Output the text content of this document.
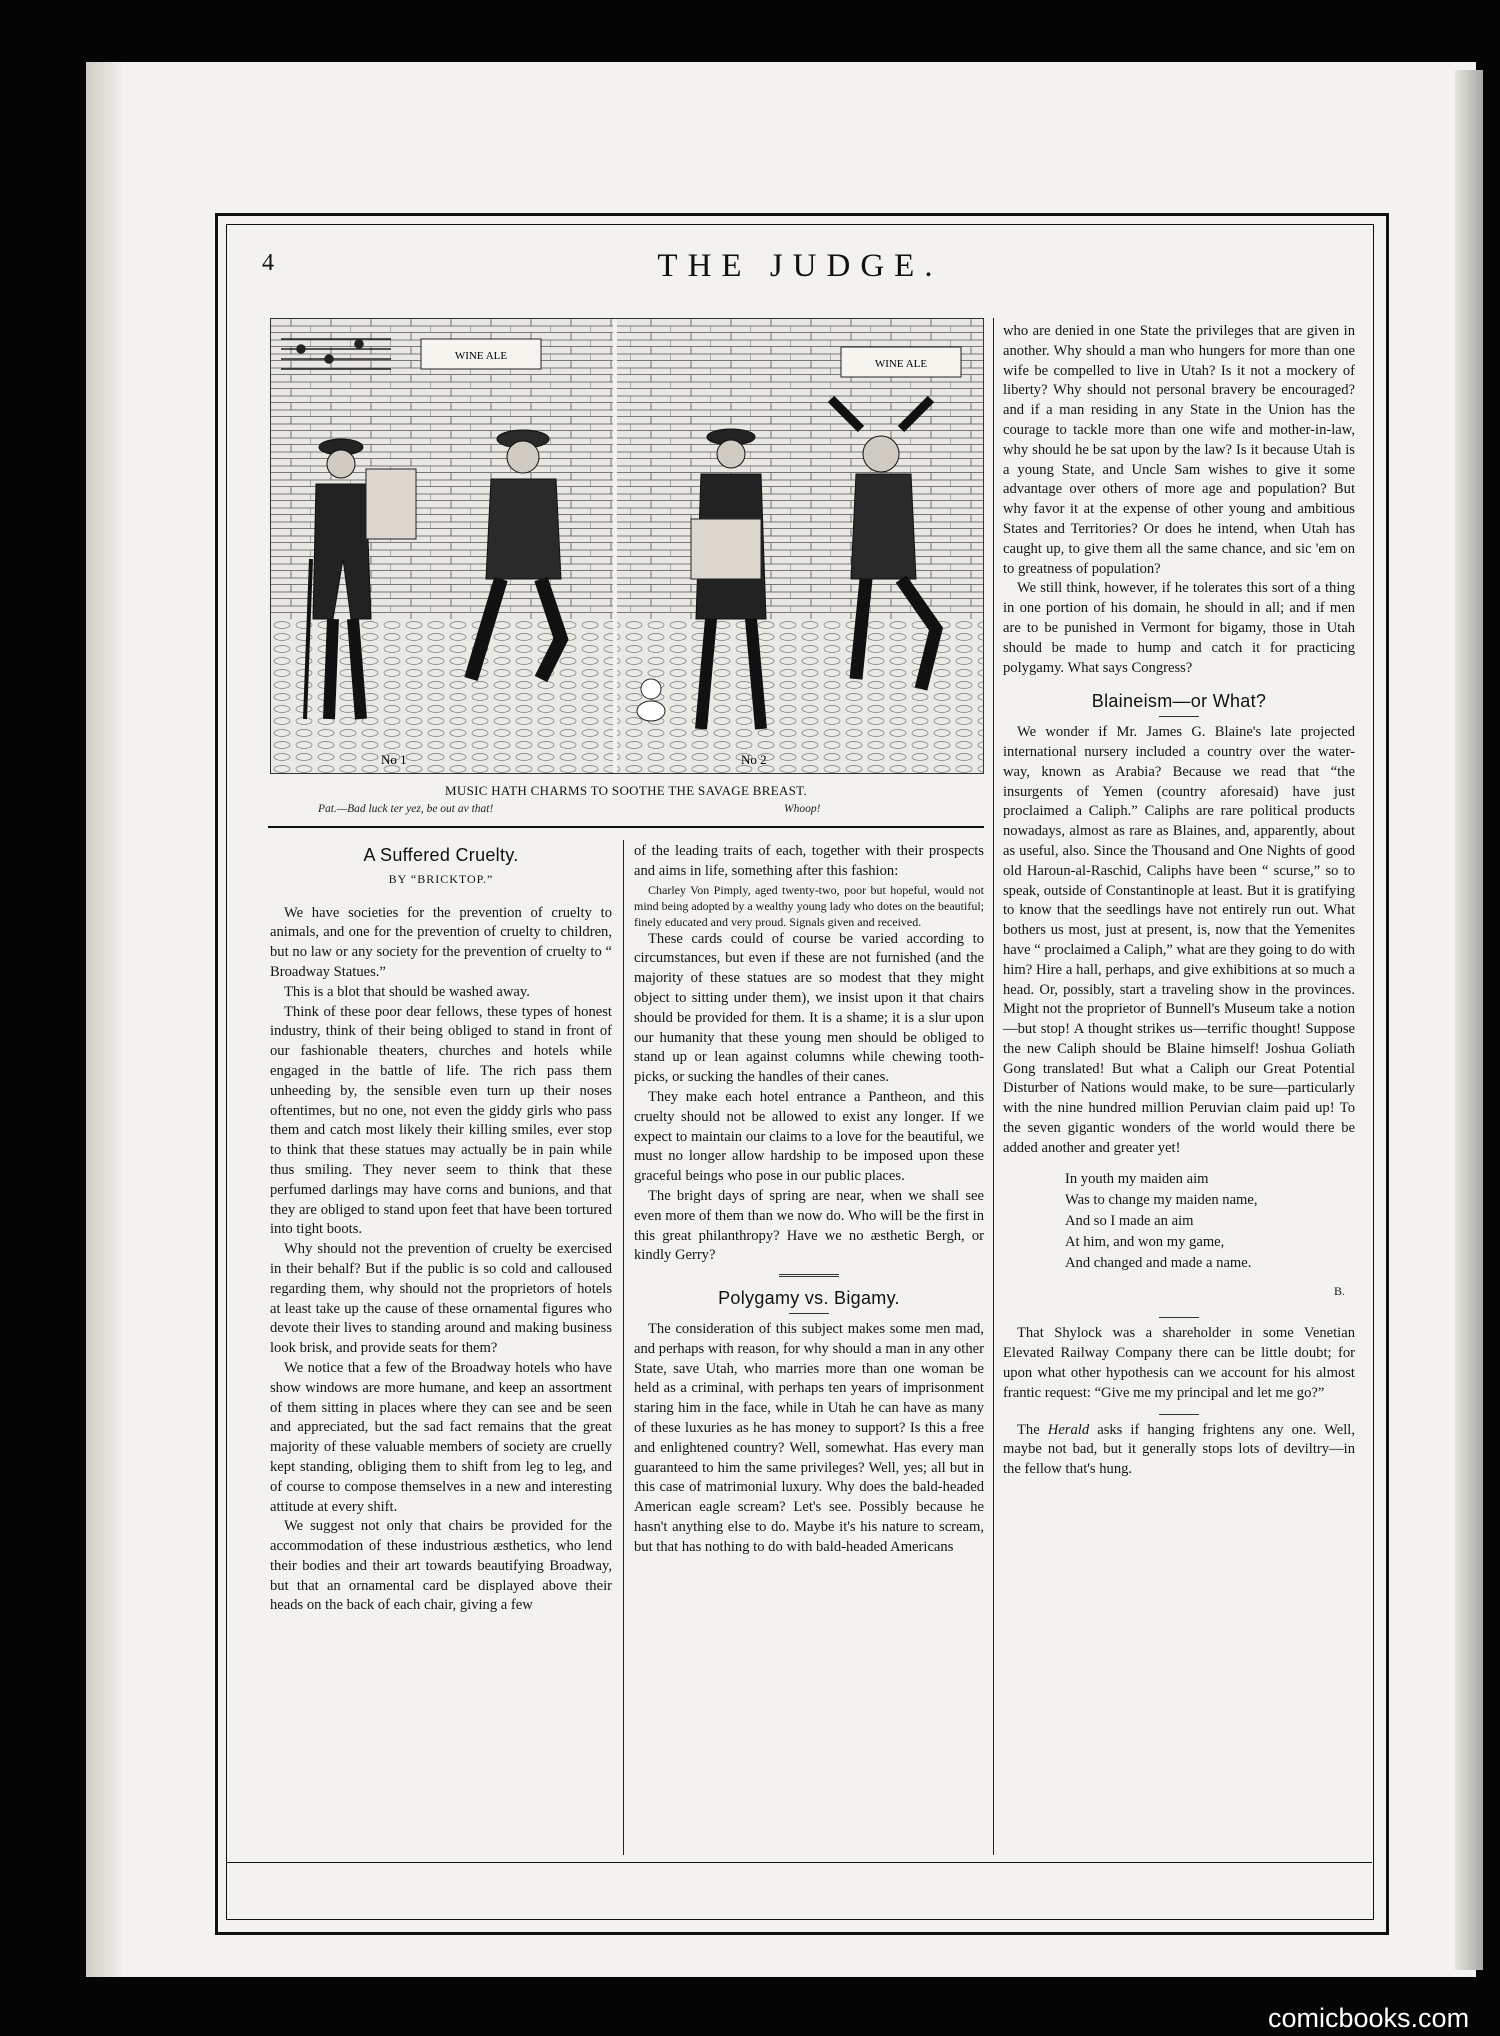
4	THE JUDGE.
WINE ALE
WINE ALE
No 1	No 2
MUSIC HATH CHARMS TO SOOTHE THE SAVAGE BREAST.
Pat.—Bad luck ter yez, be out av that!	Whoop!
A Suffered Cruelty.
BY “BRICKTOP.”

We have societies for the prevention of cruelty to animals, and one for the prevention of cruelty to children, but no law or any society for the prevention of cruelty to “ Broadway Statues.”

This is a blot that should be washed away.

Think of these poor dear fellows, these types of honest industry, think of their being obliged to stand in front of our fashionable theaters, churches and hotels while engaged in the battle of life. The rich pass them unheeding by, the sensible even turn up their noses oftentimes, but no one, not even the giddy girls who pass them and catch most likely their killing smiles, ever stop to think that these statues may actually be in pain while thus smiling. They never seem to think that these perfumed darlings may have corns and bunions, and that they are obliged to stand upon feet that have been tortured into tight boots.

Why should not the prevention of cruelty be exercised in their behalf? But if the public is so cold and calloused regarding them, why should not the proprietors of hotels at least take up the cause of these ornamental figures who devote their lives to standing around and making business look brisk, and provide seats for them?

We notice that a few of the Broadway hotels who have show windows are more humane, and keep an assortment of them sitting in places where they can see and be seen and appreciated, but the sad fact remains that the great majority of these valuable members of society are cruelly kept standing, obliging them to shift from leg to leg, and of course to compose themselves in a new and interesting attitude at every shift.

We suggest not only that chairs be provided for the accommodation of these industrious æsthetics, who lend their bodies and their art towards beautifying Broadway, but that an ornamental card be displayed above their heads on the back of each chair, giving a few

of the leading traits of each, together with their prospects and aims in life, something after this fashion:

Charley Von Pimply, aged twenty-two, poor but hopeful, would not mind being adopted by a wealthy young lady who dotes on the beautiful; finely educated and very proud. Signals given and received.

These cards could of course be varied according to circumstances, but even if these are not furnished (and the majority of these statues are so modest that they might object to sitting under them), we insist upon it that chairs should be provided for them. It is a shame; it is a slur upon our humanity that these young men should be obliged to stand up or lean against columns while chewing tooth-picks, or sucking the handles of their canes.

They make each hotel entrance a Pantheon, and this cruelty should not be allowed to exist any longer. If we expect to maintain our claims to a love for the beautiful, we must no longer allow hardship to be imposed upon these graceful beings who pose in our public places.

The bright days of spring are near, when we shall see even more of them than we now do. Who will be the first in this great philanthropy? Have we no æsthetic Bergh, or kindly Gerry?

Polygamy vs. Bigamy.

The consideration of this subject makes some men mad, and perhaps with reason, for why should a man in any other State, save Utah, who marries more than one woman be held as a criminal, with perhaps ten years of imprisonment staring him in the face, while in Utah he can have as many of these luxuries as he has money to support? Is this a free and enlightened country? Well, somewhat. Has every man guaranteed to him the same privileges? Well, yes; all but in this case of matrimonial luxury. Why does the bald-headed American eagle scream? Let's see. Possibly because he hasn't anything else to do. Maybe it's his nature to scream, but that has nothing to do with bald-headed Americans

who are denied in one State the privileges that are given in another. Why should a man who hungers for more than one wife be compelled to live in Utah? Is it not a mockery of liberty? Why should not personal bravery be encouraged? and if a man residing in any State in the Union has the courage to tackle more than one wife and mother-in-law, why should he be sat upon by the law? Is it because Utah is a young State, and Uncle Sam wishes to give it some advantage over others of more age and population? But why favor it at the expense of other young and ambitious States and Territories? Or does he intend, when Utah has caught up, to give them all the same chance, and sic 'em on to greatness of population?

We still think, however, if he tolerates this sort of a thing in one portion of his domain, he should in all; and if men are to be punished in Vermont for bigamy, those in Utah should be made to hump and catch it for practicing polygamy. What says Congress?

Blaineism—or What?

We wonder if Mr. James G. Blaine's late projected international nursery included a country over the water-way, known as Arabia? Because we read that “the insurgents of Yemen (country aforesaid) have just proclaimed a Caliph.” Caliphs are rare political products nowadays, almost as rare as Blaines, and, apparently, about as useful, also. Since the Thousand and One Nights of good old Haroun-al-Raschid, Caliphs have been “ scurse,” so to speak, outside of Constantinople at least. But it is gratifying to know that the seedlings have not entirely run out. What bothers us most, just at present, is, now that the Yemenites have “ proclaimed a Caliph,” what are they going to do with him? Hire a hall, perhaps, and give exhibitions at so much a head. Or, possibly, start a traveling show in the provinces. Might not the proprietor of Bunnell's Museum take a notion—but stop! A thought strikes us—terrific thought! Suppose the new Caliph should be Blaine himself! Joshua Goliath Gong translated! But what a Caliph our Great Potential Disturber of Nations would make, to be sure—particularly with the nine hundred million Peruvian claim paid up! To the seven gigantic wonders of the world would there be added another and greater yet!

In youth my maiden aim
Was to change my maiden name,
And so I made an aim
At him, and won my game,
And changed and made a name.
B.

That Shylock was a shareholder in some Venetian Elevated Railway Company there can be little doubt; for upon what other hypothesis can we account for his almost frantic request: “Give me my principal and let me go?”

The Herald asks if hanging frightens any one. Well, maybe not bad, but it generally stops lots of deviltry—in the fellow that's hung.

comicbooks.com
